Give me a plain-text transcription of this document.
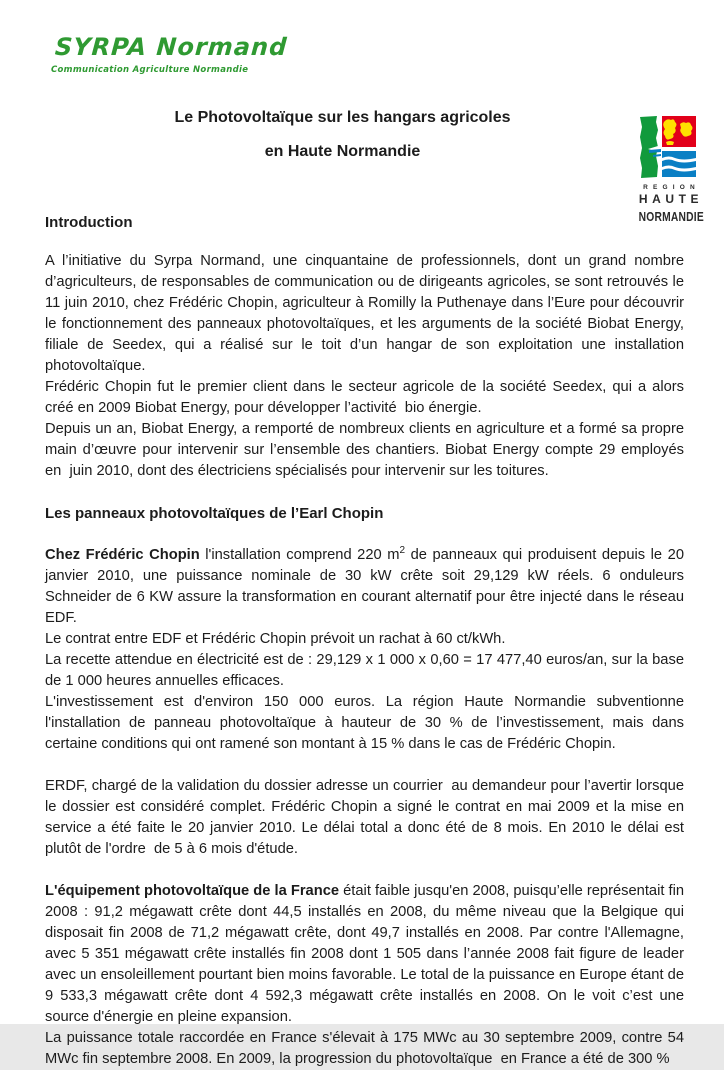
SYRPA Normand
Communication Agriculture Normandie
Le Photovoltaïque sur les hangars agricoles
en Haute Normandie
REGION
HAUTE
NORMANDIE
Introduction

A l’initiative du Syrpa Normand, une cinquantaine de professionnels, dont un grand nombre d’agriculteurs, de responsables de communication ou de dirigeants agricoles, se sont retrouvés le 11 juin 2010, chez Frédéric Chopin, agriculteur à Romilly la Puthenaye dans l’Eure pour découvrir le fonctionnement des panneaux photovoltaïques, et les arguments de la société Biobat Energy, filiale de Seedex, qui a réalisé sur le toit d’un hangar de son exploitation une installation photovoltaïque.

Frédéric Chopin fut le premier client dans le secteur agricole de la société Seedex, qui a alors créé en 2009 Biobat Energy, pour développer l’activité  bio énergie.

Depuis un an, Biobat Energy, a remporté de nombreux clients en agriculture et a formé sa propre main d’œuvre pour intervenir sur l’ensemble des chantiers. Biobat Energy compte 29 employés en  juin 2010, dont des électriciens spécialisés pour intervenir sur les toitures.

Les panneaux photovoltaïques de l’Earl Chopin

Chez Frédéric Chopin l'installation comprend 220 $m^2$ de panneaux qui produisent depuis le 20 janvier 2010, une puissance nominale de 30 kW crête soit 29,129 kW réels. 6 onduleurs Schneider de 6 KW assure la transformation en courant alternatif pour être injecté dans le réseau EDF.

Le contrat entre EDF et Frédéric Chopin prévoit un rachat à 60 ct/kWh.

La recette attendue en électricité est de : 29,129 x 1 000 x 0,60 = 17 477,40 euros/an, sur la base de 1 000 heures annuelles efficaces.

L'investissement est d'environ 150 000 euros. La région Haute Normandie subventionne l'installation de panneau photovoltaïque à hauteur de 30 % de l’investissement, mais dans certaine conditions qui ont ramené son montant à 15 % dans le cas de Frédéric Chopin.

ERDF, chargé de la validation du dossier adresse un courrier  au demandeur pour l’avertir lorsque le dossier est considéré complet. Frédéric Chopin a signé le contrat en mai 2009 et la mise en service a été faite le 20 janvier 2010. Le délai total a donc été de 8 mois. En 2010 le délai est plutôt de l'ordre  de 5 à 6 mois d'étude.

L'équipement photovoltaïque de la France était faible jusqu'en 2008, puisqu’elle représentait fin 2008 : 91,2 mégawatt crête dont 44,5 installés en 2008, du même niveau que la Belgique qui disposait fin 2008 de 71,2 mégawatt crête, dont 49,7 installés en 2008. Par contre l'Allemagne, avec 5 351 mégawatt crête installés fin 2008 dont 1 505 dans l’année 2008 fait figure de leader avec un ensoleillement pourtant bien moins favorable. Le total de la puissance en Europe étant de 9 533,3 mégawatt crête dont 4 592,3 mégawatt crête installés en 2008. On le voit c’est une source d'énergie en pleine expansion.

La puissance totale raccordée en France s'élevait à 175 MWc au 30 septembre 2009, contre 54 MWc fin septembre 2008. En 2009, la progression du photovoltaïque  en France a été de 300 %
